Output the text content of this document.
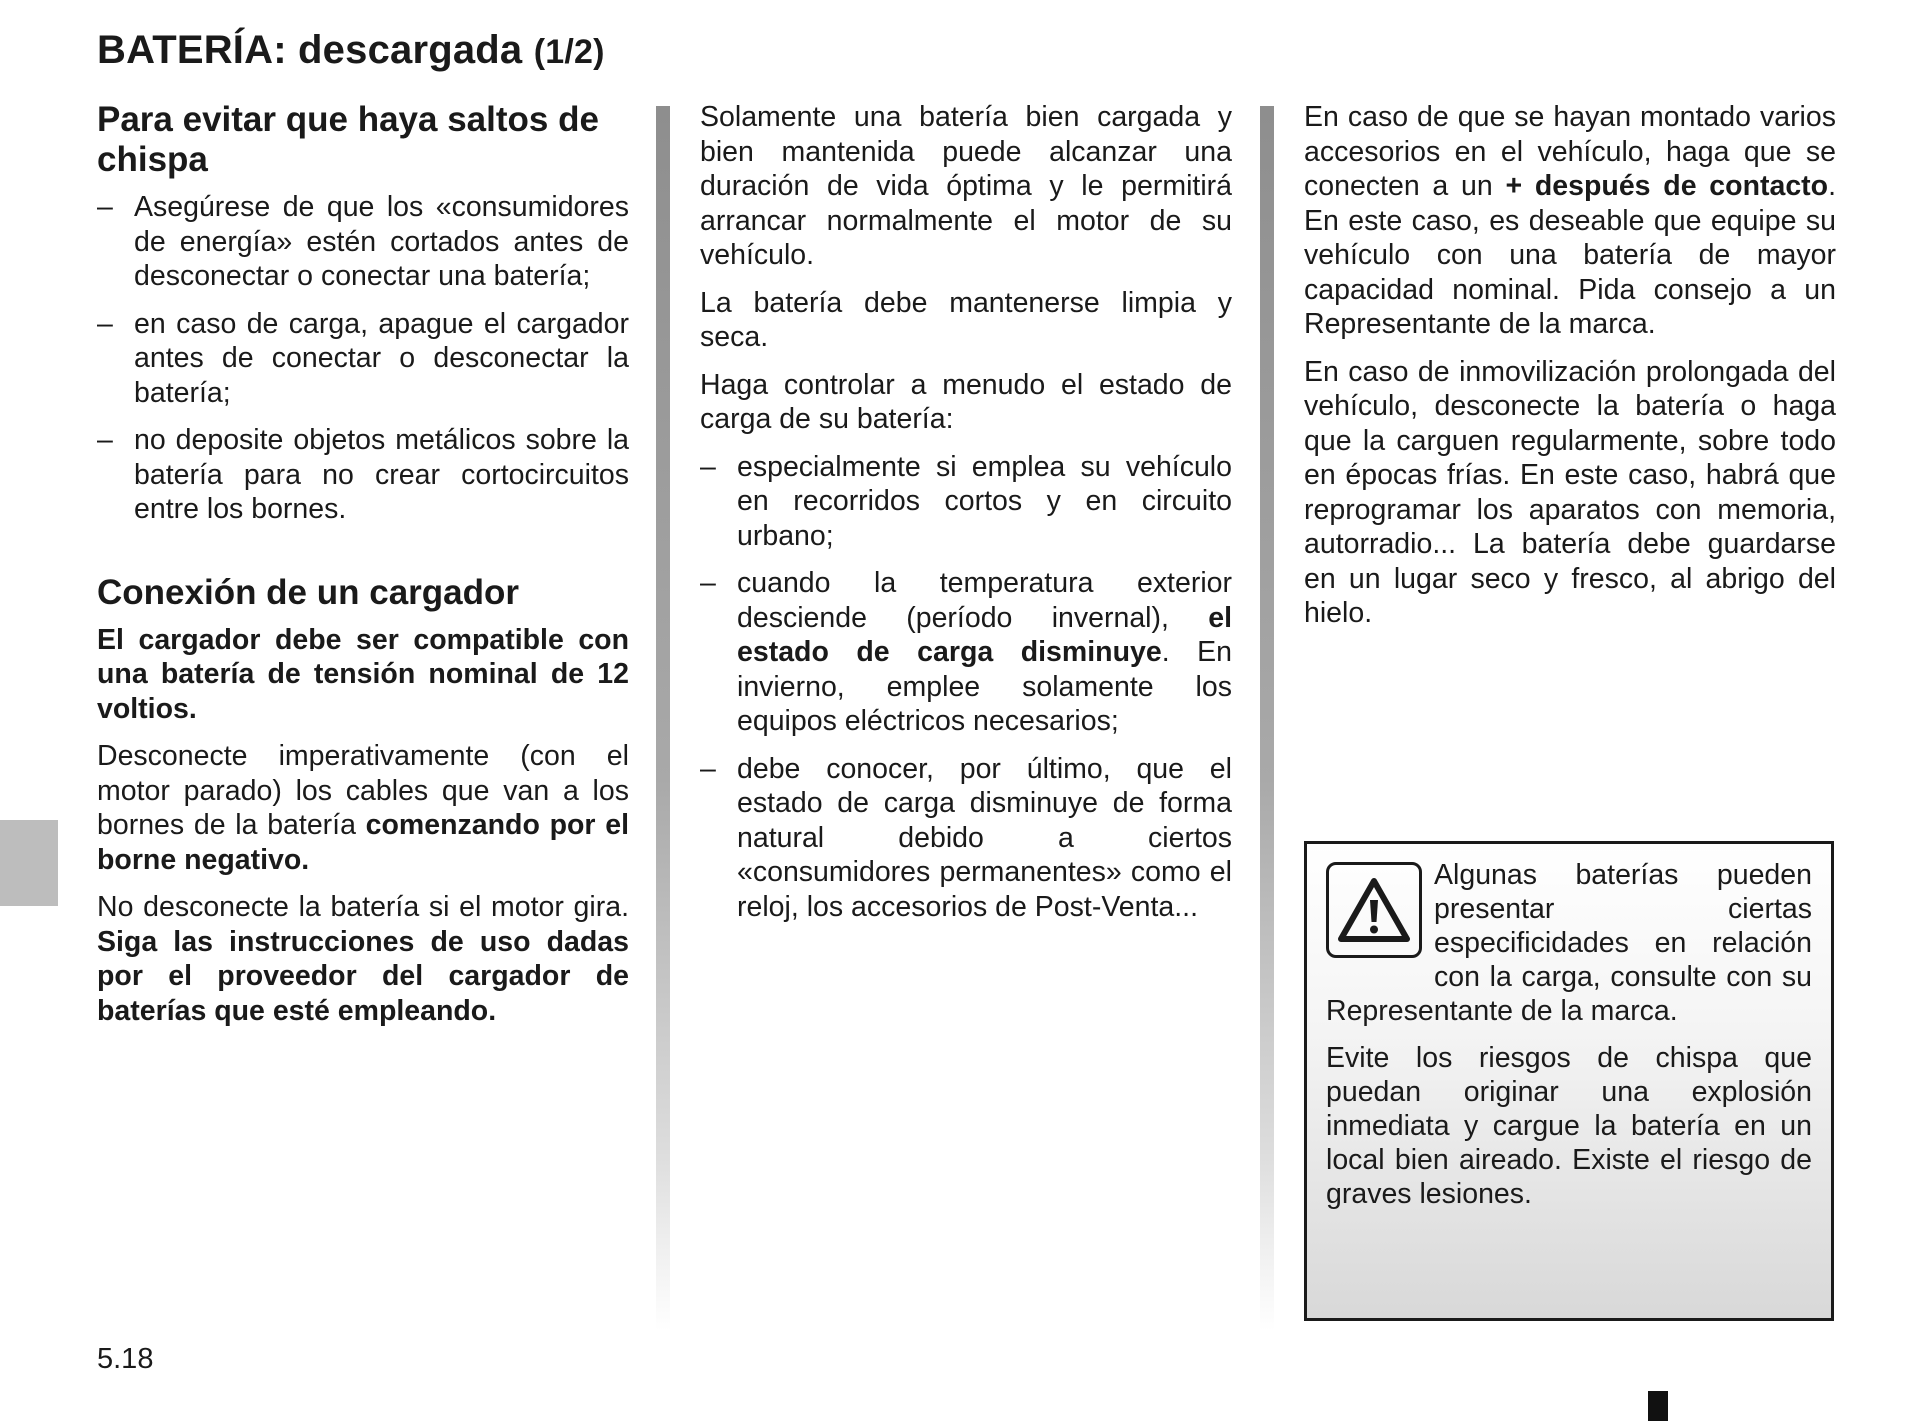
BATERÍA: descargada (1/2)
Para evitar que haya saltos de chispa
– Asegúrese de que los «consumidores de energía» estén cortados antes de desconectar o conectar una batería;
– en caso de carga, apague el cargador antes de conectar o desconectar la batería;
– no deposite objetos metálicos sobre la batería para no crear cortocircuitos entre los bornes.
Conexión de un cargador

El cargador debe ser compatible con una batería de tensión nominal de 12 voltios.

Desconecte imperativamente (con el motor parado) los cables que van a los bornes de la batería comenzando por el borne negativo.

No desconecte la batería si el motor gira. Siga las instrucciones de uso dadas por el proveedor del cargador de baterías que esté empleando.

Solamente una batería bien cargada y bien mantenida puede alcanzar una duración de vida óptima y le permitirá arrancar normalmente el motor de su vehículo.

La batería debe mantenerse limpia y seca.

Haga controlar a menudo el estado de carga de su batería:

– especialmente si emplea su vehículo en recorridos cortos y en circuito urbano;
– cuando la temperatura exterior desciende (período invernal), el estado de carga disminuye. En invierno, emplee solamente los equipos eléctricos necesarios;
– debe conocer, por último, que el estado de carga disminuye de forma natural debido a ciertos «consumidores permanentes» como el reloj, los accesorios de Post-Venta...

En caso de que se hayan montado varios accesorios en el vehículo, haga que se conecten a un + después de contacto. En este caso, es deseable que equipe su vehículo con una batería de mayor capacidad nominal. Pida consejo a un Representante de la marca.

En caso de inmovilización prolongada del vehículo, desconecte la batería o haga que la carguen regularmente, sobre todo en épocas frías. En este caso, habrá que reprogramar los aparatos con memoria, autorradio... La batería debe guardarse en un lugar seco y fresco, al abrigo del hielo.

Algunas baterías pueden presentar ciertas especificidades en relación con la carga, consulte con su Representante de la marca.

Evite los riesgos de chispa que puedan originar una explosión inmediata y cargue la batería en un local bien aireado. Existe el riesgo de graves lesiones.

5.18
